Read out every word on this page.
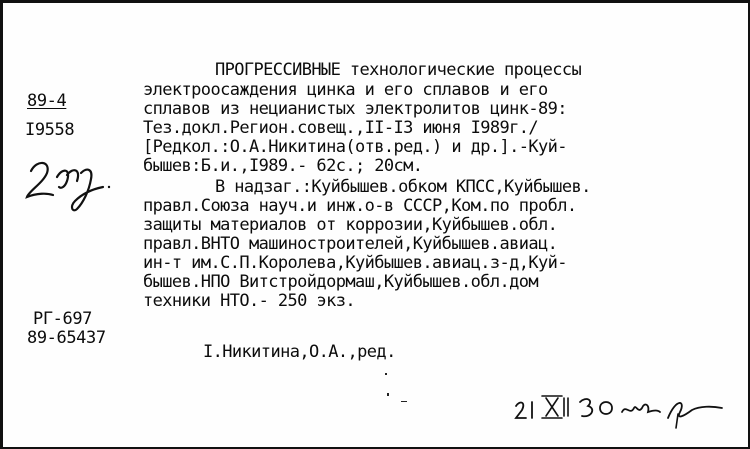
89-4
I9558
РГ-697
89-65437
ПРОГРЕССИВНЫЕ технологические процессы
электроосаждения цинка и его сплавов и его
сплавов из нецианистых электролитов цинк-89:
Тез.докл.Регион.совещ.,II-I3 июня I989г./
[Редкол.:О.А.Никитина(отв.ред.) и др.].-Куй-
бышев:Б.и.,I989.- 62с.; 20см.
В надзаг.:Куйбышев.обком КПСС,Куйбышев.
правл.Союза науч.и инж.о-в СССР,Ком.по пробл.
защиты материалов от коррозии,Куйбышев.обл.
правл.ВНТО машиностроителей,Куйбышев.авиац.
ин-т им.С.П.Королева,Куйбышев.авиац.з-д,Куй-
бышев.НПО Витстройдормаш,Куйбышев.обл.дом
техники НТО.- 250 экз.
I.Никитина,О.А.,ред.
